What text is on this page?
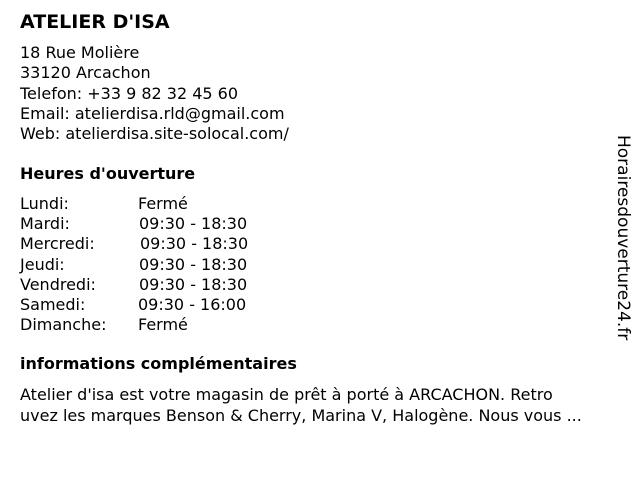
ATELIER D'ISA
18 Rue Molière
33120 Arcachon
Telefon: +33 9 82 32 45 60
Email: atelierdisa.rld@gmail.com
Web: atelierdisa.site-solocal.com/
Heures d'ouverture
Lundi:	Fermé
Mardi:	09:30 - 18:30
Mercredi:	09:30 - 18:30
Jeudi:	09:30 - 18:30
Vendredi:	09:30 - 18:30
Samedi:	09:30 - 16:00
Dimanche: Fermé
informations complémentaires
Atelier d'isa est votre magasin de prêt à porté à ARCACHON. Retro
uvez les marques Benson & Cherry, Marina V, Halogène. Nous vous ...
Horairesdouverture24.fr
